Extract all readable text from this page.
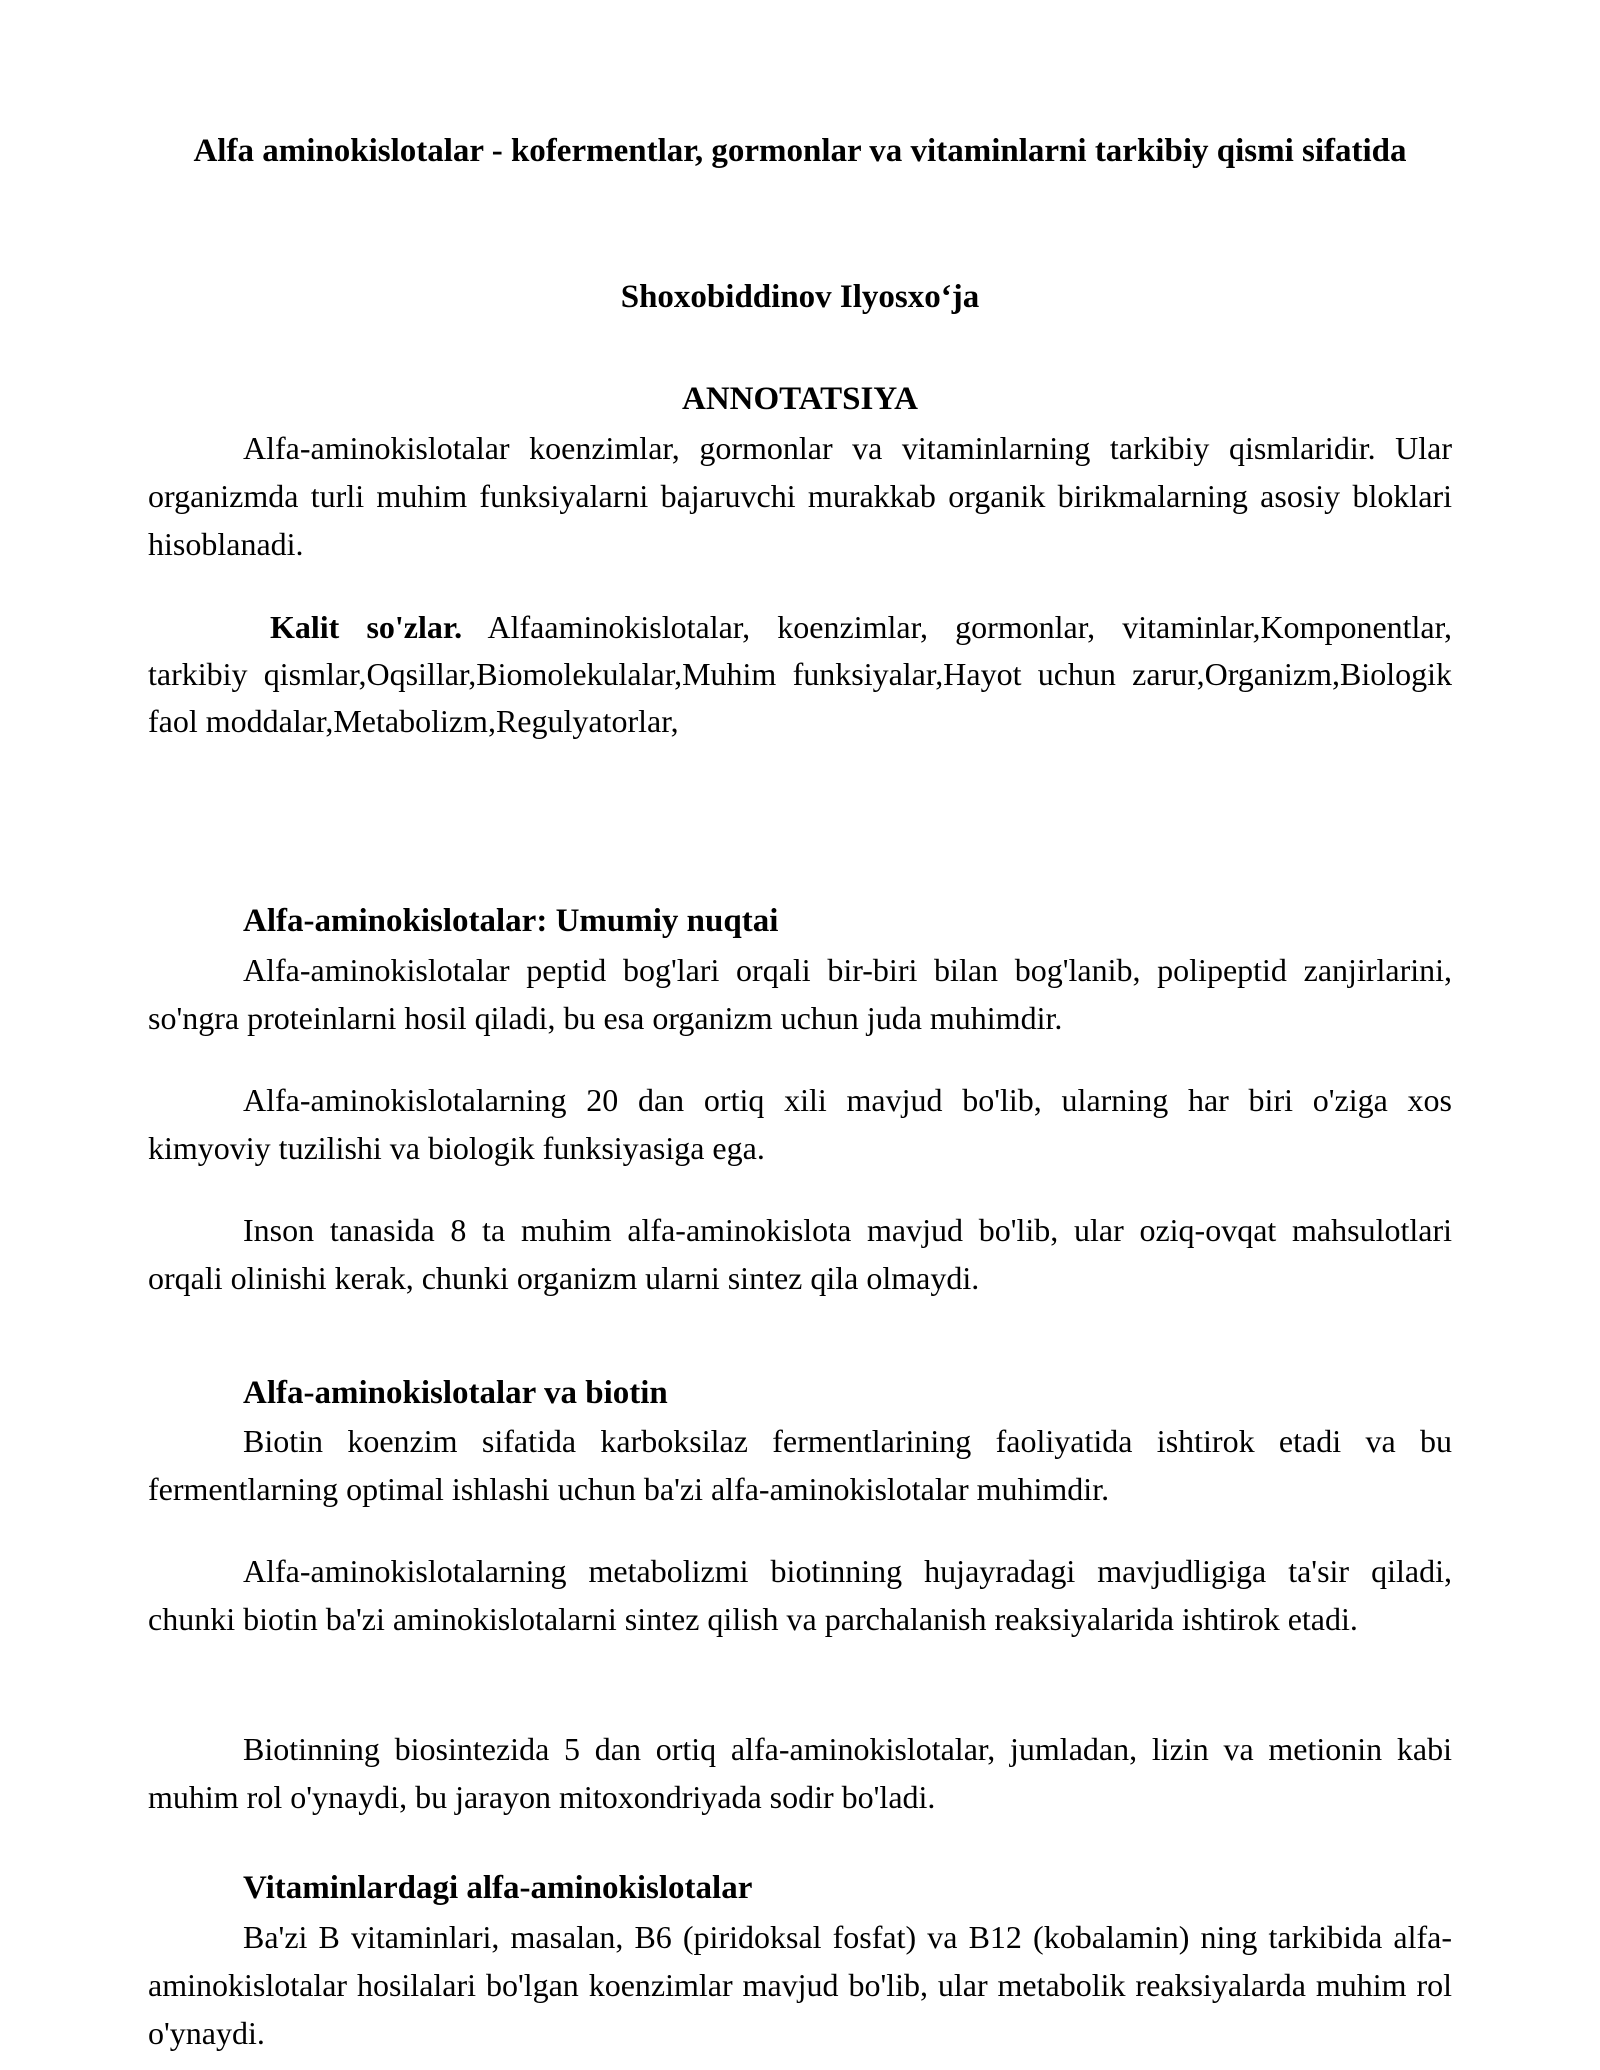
Alfa aminokislotalar - kofermentlar, gormonlar va vitaminlarni tarkibiy qismi sifatida
Shoxobiddinov Ilyosxo‘ja
ANNOTATSIYA

Alfa-aminokislotalar koenzimlar, gormonlar va vitaminlarning tarkibiy qismlaridir. Ular organizmda turli muhim funksiyalarni bajaruvchi murakkab organik birikmalarning asosiy bloklari hisoblanadi.

Kalit so'zlar. Alfaaminokislotalar, koenzimlar, gormonlar, vitaminlar,Komponentlar, tarkibiy qismlar,Oqsillar,Biomolekulalar,Muhim funksiyalar,Hayot uchun zarur,Organizm,Biologik faol moddalar,Metabolizm,Regulyatorlar,

Alfa-aminokislotalar: Umumiy nuqtai

Alfa-aminokislotalar peptid bog'lari orqali bir-biri bilan bog'lanib, polipeptid zanjirlarini, so'ngra proteinlarni hosil qiladi, bu esa organizm uchun juda muhimdir.

Alfa-aminokislotalarning 20 dan ortiq xili mavjud bo'lib, ularning har biri o'ziga xos kimyoviy tuzilishi va biologik funksiyasiga ega.

Inson tanasida 8 ta muhim alfa-aminokislota mavjud bo'lib, ular oziq-ovqat mahsulotlari orqali olinishi kerak, chunki organizm ularni sintez qila olmaydi.

Alfa-aminokislotalar va biotin

Biotin koenzim sifatida karboksilaz fermentlarining faoliyatida ishtirok etadi va bu fermentlarning optimal ishlashi uchun ba'zi alfa-aminokislotalar muhimdir.

Alfa-aminokislotalarning metabolizmi biotinning hujayradagi mavjudligiga ta'sir qiladi, chunki biotin ba'zi aminokislotalarni sintez qilish va parchalanish reaksiyalarida ishtirok etadi.

Biotinning biosintezida 5 dan ortiq alfa-aminokislotalar, jumladan, lizin va metionin kabi muhim rol o'ynaydi, bu jarayon mitoxondriyada sodir bo'ladi.

Vitaminlardagi alfa-aminokislotalar

Ba'zi B vitaminlari, masalan, B6 (piridoksal fosfat) va B12 (kobalamin) ning tarkibida alfa-aminokislotalar hosilalari bo'lgan koenzimlar mavjud bo'lib, ular metabolik reaksiyalarda muhim rol o'ynaydi.
